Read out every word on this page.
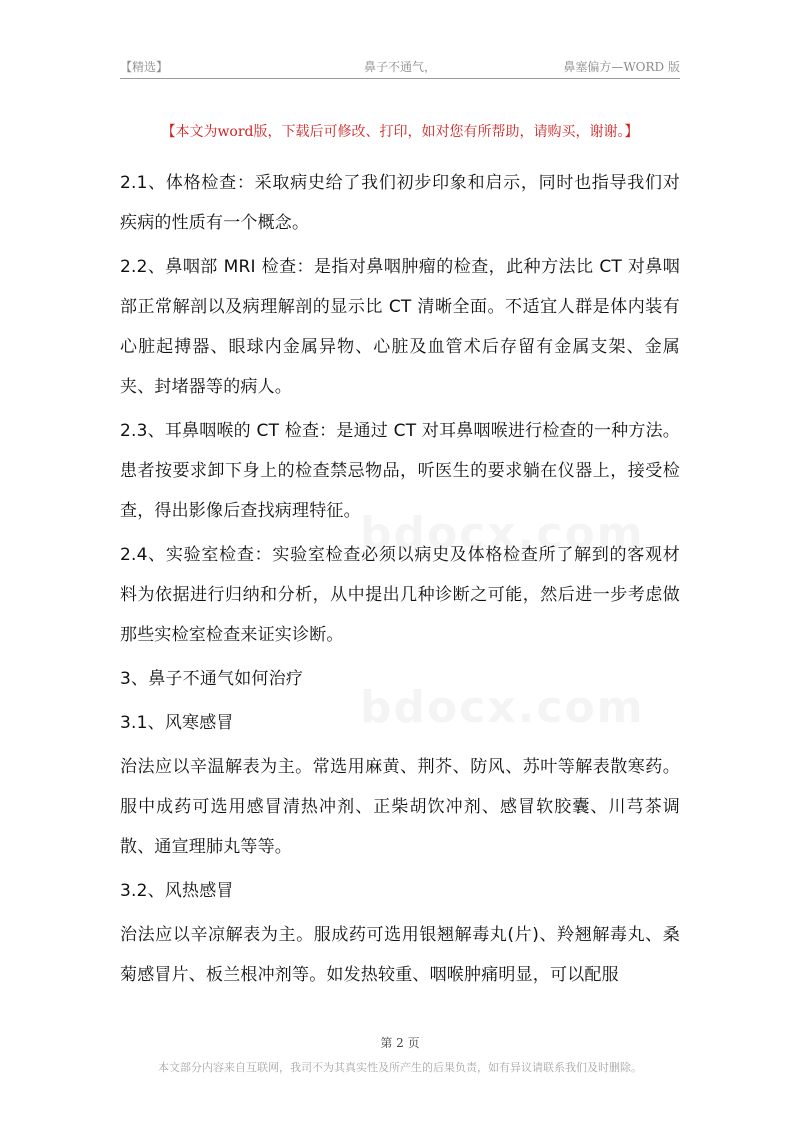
【精选】	鼻子不通气，	鼻塞偏方—WORD 版
【本文为word版，下载后可修改、打印，如对您有所帮助，请购买，谢谢。】

2.1、体格检查：采取病史给了我们初步印象和启示，同时也指导我们对疾病的性质有一个概念。

2.2、鼻咽部 MRI 检查：是指对鼻咽肿瘤的检查，此种方法比 CT 对鼻咽部正常解剖以及病理解剖的显示比 CT 清晰全面。不适宜人群是体内装有心脏起搏器、眼球内金属异物、心脏及血管术后存留有金属支架、金属夹、封堵器等的病人。

2.3、耳鼻咽喉的 CT 检查：是通过 CT 对耳鼻咽喉进行检查的一种方法。患者按要求卸下身上的检查禁忌物品，听医生的要求躺在仪器上，接受检查，得出影像后查找病理特征。

2.4、实验室检查：实验室检查必须以病史及体格检查所了解到的客观材料为依据进行归纳和分析，从中提出几种诊断之可能，然后进一步考虑做那些实检室检查来证实诊断。

3、鼻子不通气如何治疗

3.1、风寒感冒

治法应以辛温解表为主。常选用麻黄、荆芥、防风、苏叶等解表散寒药。服中成药可选用感冒清热冲剂、正柴胡饮冲剂、感冒软胶囊、川芎茶调散、通宣理肺丸等等。

3.2、风热感冒

治法应以辛凉解表为主。服成药可选用银翘解毒丸(片)、羚翘解毒丸、桑菊感冒片、板兰根冲剂等。如发热较重、咽喉肿痛明显，可以配服

第 2 页
本文部分内容来自互联网，我司不为其真实性及所产生的后果负责，如有异议请联系我们及时删除。
